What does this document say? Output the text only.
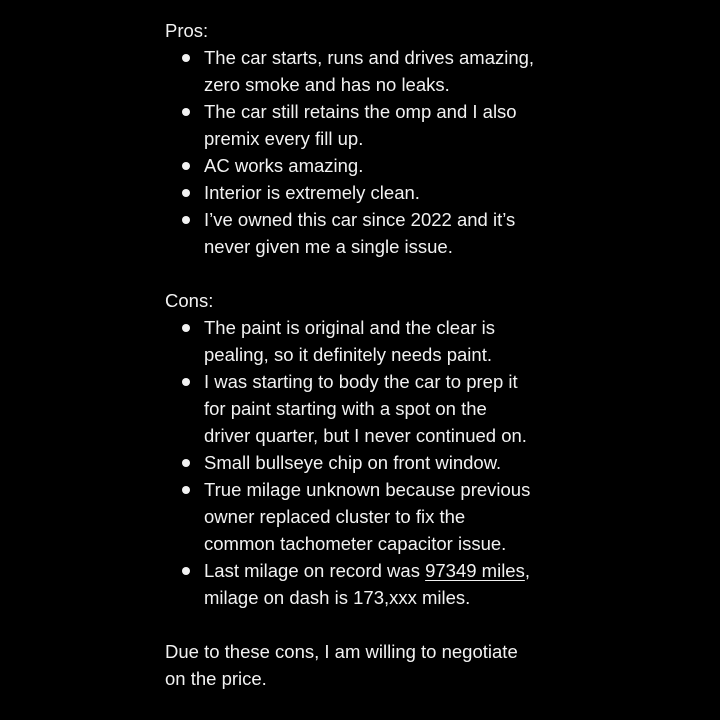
Pros:

The car starts, runs and drives amazing,
zero smoke and has no leaks.
The car still retains the omp and I also
premix every fill up.
AC works amazing.
Interior is extremely clean.
I’ve owned this car since 2022 and it’s
never given me a single issue.

Cons:

The paint is original and the clear is
pealing, so it definitely needs paint.
I was starting to body the car to prep it
for paint starting with a spot on the
driver quarter, but I never continued on.
Small bullseye chip on front window.
True milage unknown because previous
owner replaced cluster to fix the
common tachometer capacitor issue.
Last milage on record was 97349 miles,
milage on dash is 173,xxx miles.
Due to these cons, I am willing to negotiate
on the price.
